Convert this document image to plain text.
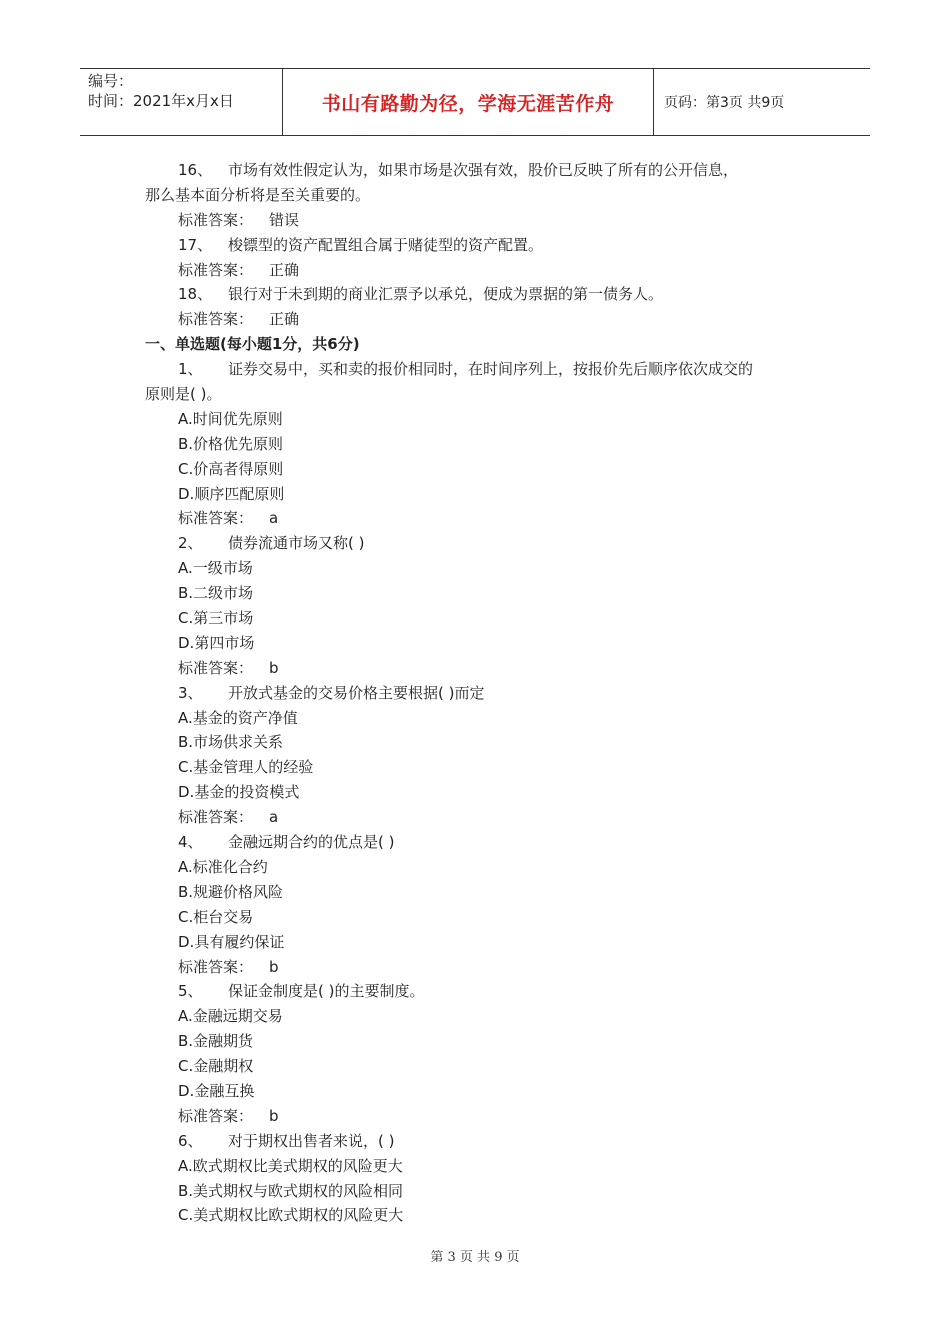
编号：
时间：2021年x月x日	书山有路勤为径，学海无涯苦作舟	页码：第3页 共9页
16、 市场有效性假定认为，如果市场是次强有效，股价已反映了所有的公开信息，
那么基本面分析将是至关重要的。
标准答案： 错误
17、 梭镖型的资产配置组合属于赌徒型的资产配置。
标准答案： 正确
18、 银行对于未到期的商业汇票予以承兑，便成为票据的第一债务人。
标准答案： 正确
一、单选题(每小题1分，共6分)
1、 证券交易中，买和卖的报价相同时，在时间序列上，按报价先后顺序依次成交的
原则是( )。
A.时间优先原则
B.价格优先原则
C.价高者得原则
D.顺序匹配原则
标准答案： a
2、 债券流通市场又称( )
A.一级市场
B.二级市场
C.第三市场
D.第四市场
标准答案： b
3、 开放式基金的交易价格主要根据( )而定
A.基金的资产净值
B.市场供求关系
C.基金管理人的经验
D.基金的投资模式
标准答案： a
4、 金融远期合约的优点是( )
A.标准化合约
B.规避价格风险
C.柜台交易
D.具有履约保证
标准答案： b
5、 保证金制度是( )的主要制度。
A.金融远期交易
B.金融期货
C.金融期权
D.金融互换
标准答案： b
6、 对于期权出售者来说，( )
A.欧式期权比美式期权的风险更大
B.美式期权与欧式期权的风险相同
C.美式期权比欧式期权的风险更大
第 3 页 共 9 页
